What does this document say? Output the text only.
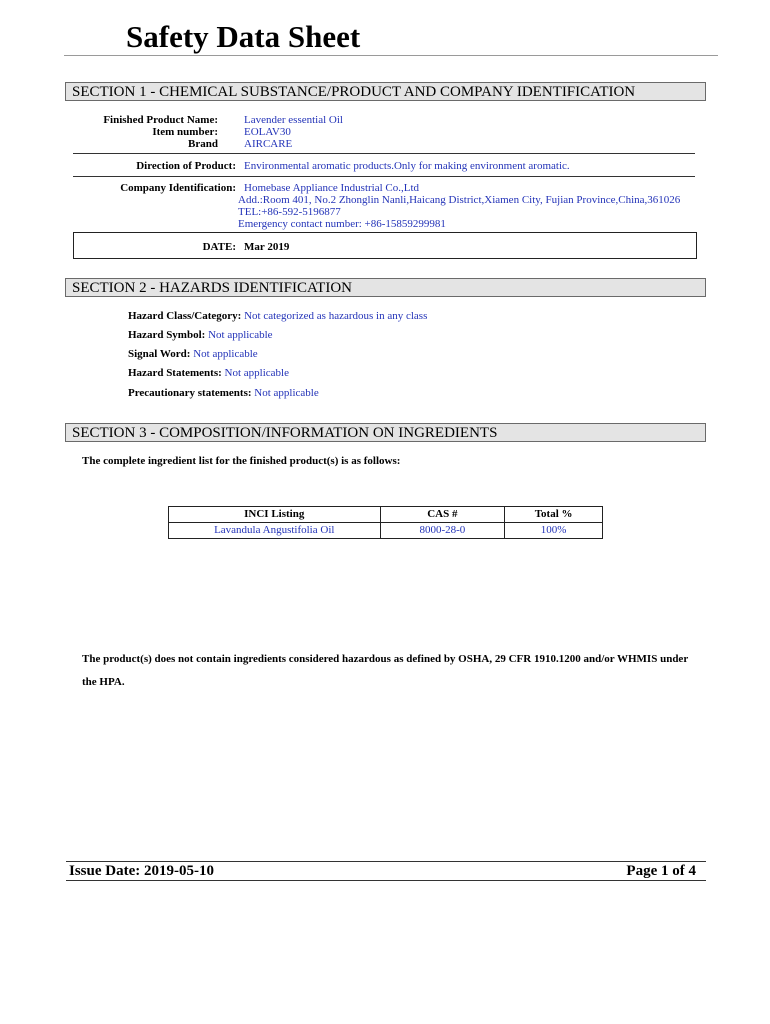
Safety Data Sheet
SECTION 1 - CHEMICAL SUBSTANCE/PRODUCT AND COMPANY IDENTIFICATION
Finished Product Name: Lavender essential Oil
Item number: EOLAV30
Brand AIRCARE
Direction of Product: Environmental aromatic products.Only for making environment aromatic.
Company Identification: Homebase Appliance Industrial Co.,Ltd
Add.:Room 401, No.2 Zhonglin Nanli,Haicang District,Xiamen City, Fujian Province,China,361026
TEL:+86-592-5196877
Emergency contact number: +86-15859299981
DATE: Mar 2019
SECTION 2 - HAZARDS IDENTIFICATION
Hazard Class/Category: Not categorized as hazardous in any class
Hazard Symbol: Not applicable
Signal Word: Not applicable
Hazard Statements: Not applicable
Precautionary statements: Not applicable
SECTION 3 - COMPOSITION/INFORMATION ON INGREDIENTS
The complete ingredient list for the finished product(s) is as follows:
INCI Listing	CAS #	Total %
Lavandula Angustifolia Oil	8000-28-0	100%
The product(s) does not contain ingredients considered hazardous as defined by OSHA, 29 CFR 1910.1200 and/or WHMIS under
the HPA.
Issue Date: 2019-05-10	Page 1 of 4
